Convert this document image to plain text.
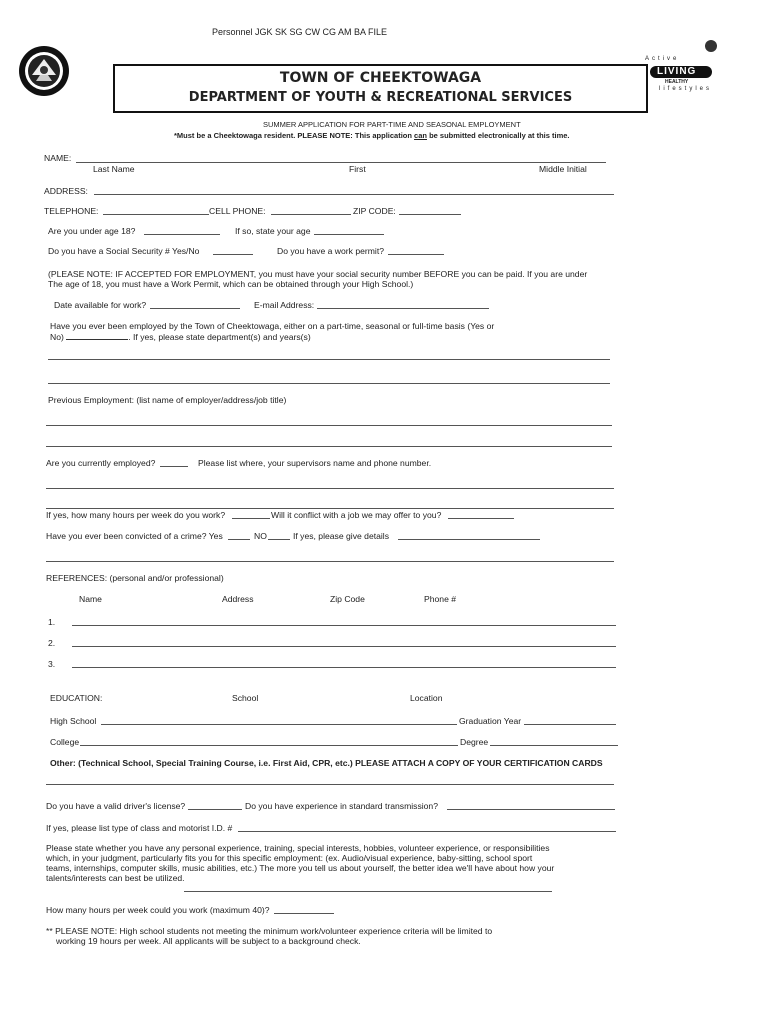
Personnel JGK SK SG CW CG AM BA FILE
Active
LIVING
HEALTHY
lifestyles
TOWN OF CHEEKTOWAGA
DEPARTMENT OF YOUTH & RECREATIONAL SERVICES
SUMMER APPLICATION FOR PART-TIME AND SEASONAL EMPLOYMENT
*Must be a Cheektowaga resident. PLEASE NOTE: This application can be submitted electronically at this time.
NAME:
Last Name	First	Middle Initial
ADDRESS:
TELEPHONE:	CELL PHONE:	ZIP CODE:
Are you under age 18?	If so, state your age
Do you have a Social Security # Yes/No	Do you have a work permit?
(PLEASE NOTE: IF ACCEPTED FOR EMPLOYMENT, you must have your social security number BEFORE you can be paid. If you are under
The age of 18, you must have a Work Permit, which can be obtained through your High School.)
Date available for work?	E-mail Address:
Have you ever been employed by the Town of Cheektowaga, either on a part-time, seasonal or full-time basis (Yes or
No)	. If yes, please state department(s) and years(s)
Previous Employment: (list name of employer/address/job title)
Are you currently employed?	Please list where, your supervisors name and phone number.
If yes, how many hours per week do you work?	Will it conflict with a job we may offer to you?
Have you ever been convicted of a crime? Yes	NO	If yes, please give details
REFERENCES: (personal and/or professional)
Name	Address	Zip Code	Phone #
1.
2.
3.
EDUCATION:	School	Location
High School	Graduation Year
College	Degree
Other: (Technical School, Special Training Course, i.e. First Aid, CPR, etc.) PLEASE ATTACH A COPY OF YOUR CERTIFICATION CARDS
Do you have a valid driver's license?	Do you have experience in standard transmission?
If yes, please list type of class and motorist I.D. #
Please state whether you have any personal experience, training, special interests, hobbies, volunteer experience, or responsibilities
which, in your judgment, particularly fits you for this specific employment: (ex. Audio/visual experience, baby-sitting, school sport
teams, internships, computer skills, music abilities, etc.) The more you tell us about yourself, the better idea we'll have about how your
talents/interests can best be utilized.
How many hours per week could you work (maximum 40)?
** PLEASE NOTE: High school students not meeting the minimum work/volunteer experience criteria will be limited to
working 19 hours per week. All applicants will be subject to a background check.
